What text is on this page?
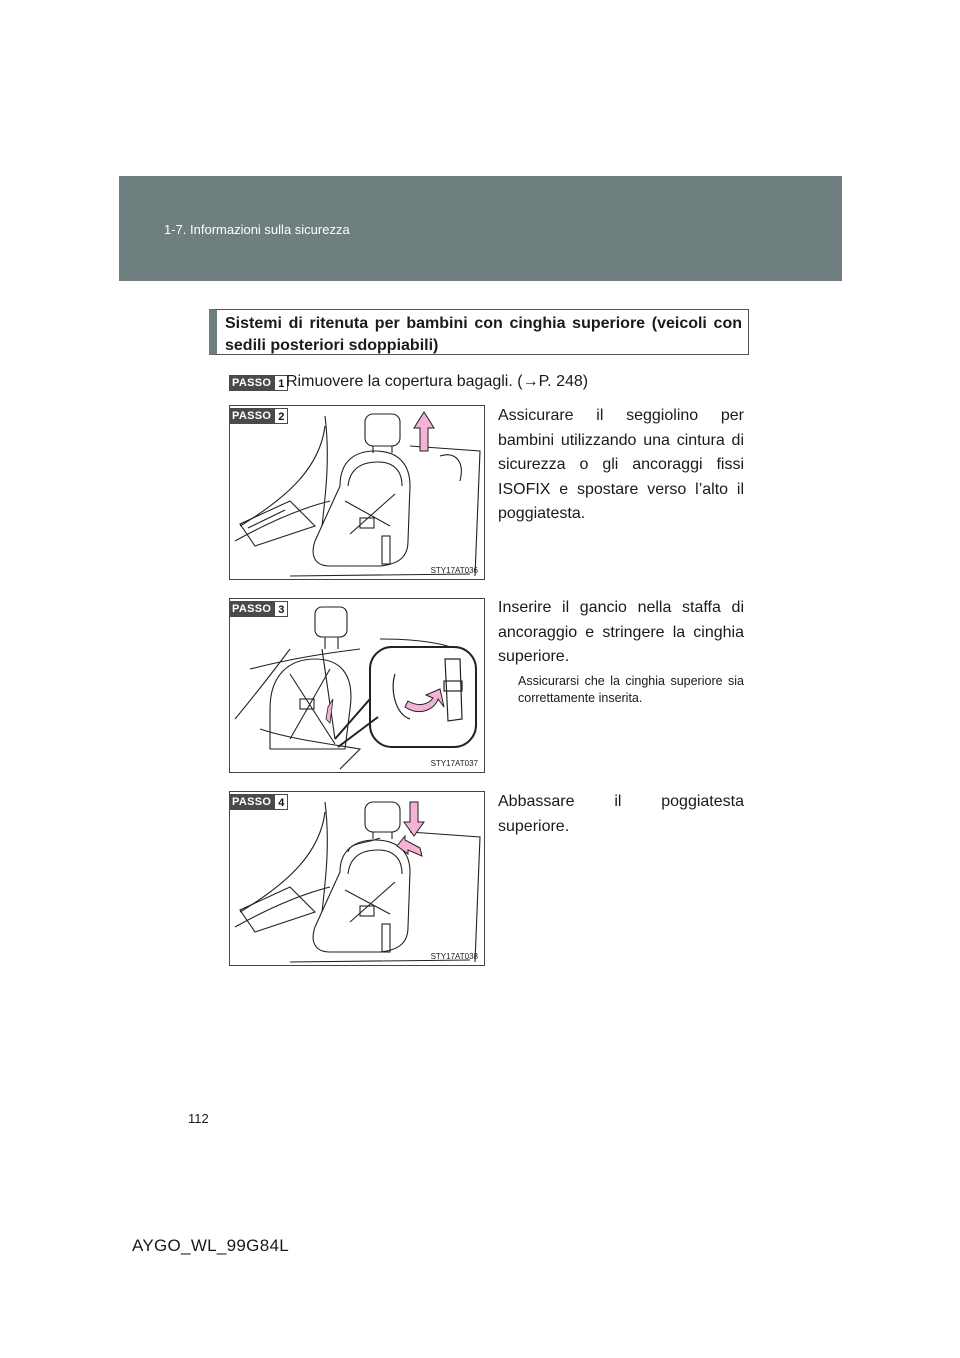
1-7. Informazioni sulla sicurezza
Sistemi di ritenuta per bambini con cinghia superiore (veicoli con sedili posteriori sdoppiabili)
PASSO 1 Rimuovere la copertura bagagli. (→P. 248)
STY17AT036
PASSO 2	Assicurare il seggiolino per bambini utilizzando una cintura di sicurezza o gli ancoraggi fissi ISOFIX e spostare verso l’alto il poggiatesta.
STY17AT037
PASSO 3	Inserire il gancio nella staffa di ancoraggio e stringere la cinghia superiore.
Assicurarsi che la cinghia superiore sia correttamente inserita.
STY17AT038
PASSO 4	Abbassare il poggiatesta superiore.
112
AYGO_WL_99G84L
